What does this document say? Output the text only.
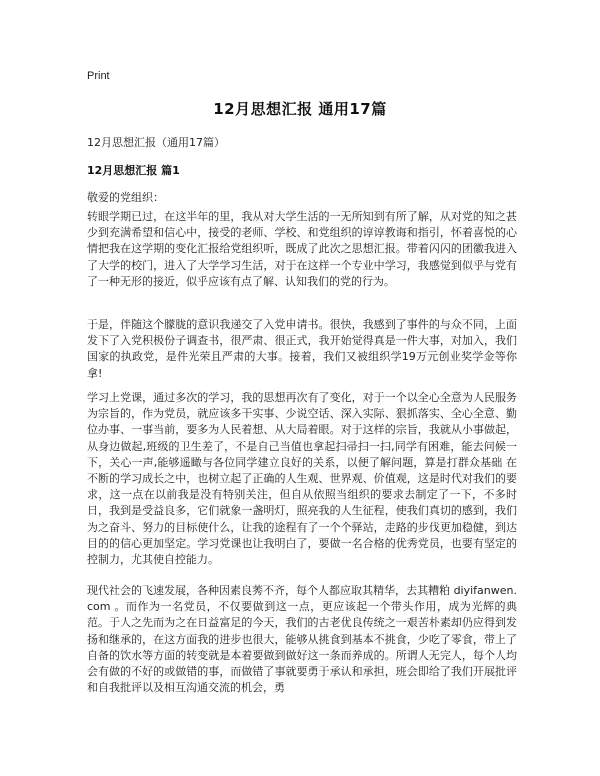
Print
12月思想汇报 通用17篇
12月思想汇报（通用17篇）
12月思想汇报 篇1
敬爱的党组织：
转眼学期已过，在这半年的里，我从对大学生活的一无所知到有所了解，从对党的知之甚少到充满希望和信心中，接受的老师、学校、和党组织的谆谆教诲和指引，怀着喜悦的心情把我在这学期的变化汇报给党组织听，既成了此次之思想汇报。带着闪闪的团徽我进入了大学的校门，进入了大学学习生活，对于在这样一个专业中学习，我感觉到似乎与党有了一种无形的接近，似乎应该有点了解、认知我们的党的行为。
于是，伴随这个朦胧的意识我递交了入党申请书。很快，我感到了事件的与众不同，上面发下了入党积极份子调查书，很严肃、很正式，我开始觉得真是一件大事，对加入，我们国家的执政党，是件光荣且严肃的大事。接着，我们又被组织学19万元创业奖学金等你拿!
学习上党课，通过多次的学习，我的思想再次有了变化，对于一个以全心全意为人民服务为宗旨的，作为党员，就应该多干实事、少说空话、深入实际、狠抓落实、全心全意、勤位办事、一事当前，要多为人民着想、从大局着眼。对于这样的宗旨，我就从小事做起，从身边做起,班级的卫生差了，不是自己当值也拿起扫帚扫一扫,同学有困难，能去问候一下，关心一声,能够遥瞰与各位同学建立良好的关系，以便了解问题，算是打群众基础 在不断的学习成长之中，也树立起了正确的人生观、世界观、价值观，这是时代对我们的要求，这一点在以前我是没有特别关注，但自从依照当组织的要求去制定了一下，不多时日，我到是受益良多，它们就象一盏明灯，照亮我的人生征程，使我们真切的感到，我们为之奋斗、努力的目标使什么，让我的途程有了一个个驿站，走路的步伐更加稳健，到达目的的信心更加坚定。学习党课也让我明白了，要做一名合格的优秀党员，也要有坚定的控制力，尤其使自控能力。
现代社会的飞速发展，各种因素良莠不齐，每个人都应取其精华，去其糟粕 diyifanwen.com 。而作为一名党员，不仅要做到这一点，更应该起一个带头作用，成为光辉的典范。于人之先而为之在日益富足的今天，我们的古老优良传统之一艰苦朴素却仍应得到发扬和继承的，在这方面我的进步也很大，能够从挑食到基本不挑食，少吃了零食，带上了自备的饮水等方面的转变就是本着要做到做好这一条而养成的。所谓人无完人，每个人均会有做的不好的或做错的事，而做错了事就要勇于承认和承担，班会即给了我们开展批评和自我批评以及相互沟通交流的机会，勇
